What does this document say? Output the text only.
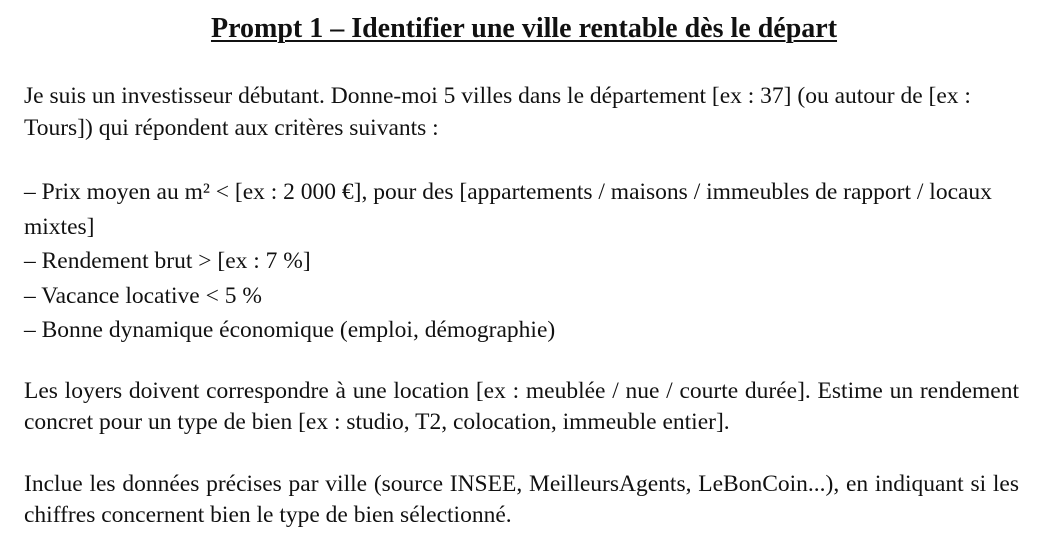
Prompt 1 – Identifier une ville rentable dès le départ

Je suis un investisseur débutant. Donne-moi 5 villes dans le département [ex : 37] (ou autour de [ex : Tours]) qui répondent aux critères suivants :

– Prix moyen au m² < [ex : 2 000 €], pour des [appartements / maisons / immeubles de rapport / locaux mixtes]
– Rendement brut > [ex : 7 %]
– Vacance locative < 5 %
– Bonne dynamique économique (emploi, démographie)

Les loyers doivent correspondre à une location [ex : meublée / nue / courte durée]. Estime un rendement concret pour un type de bien [ex : studio, T2, colocation, immeuble entier].

Inclue les données précises par ville (source INSEE, MeilleursAgents, LeBonCoin...), en indiquant si les chiffres concernent bien le type de bien sélectionné.
